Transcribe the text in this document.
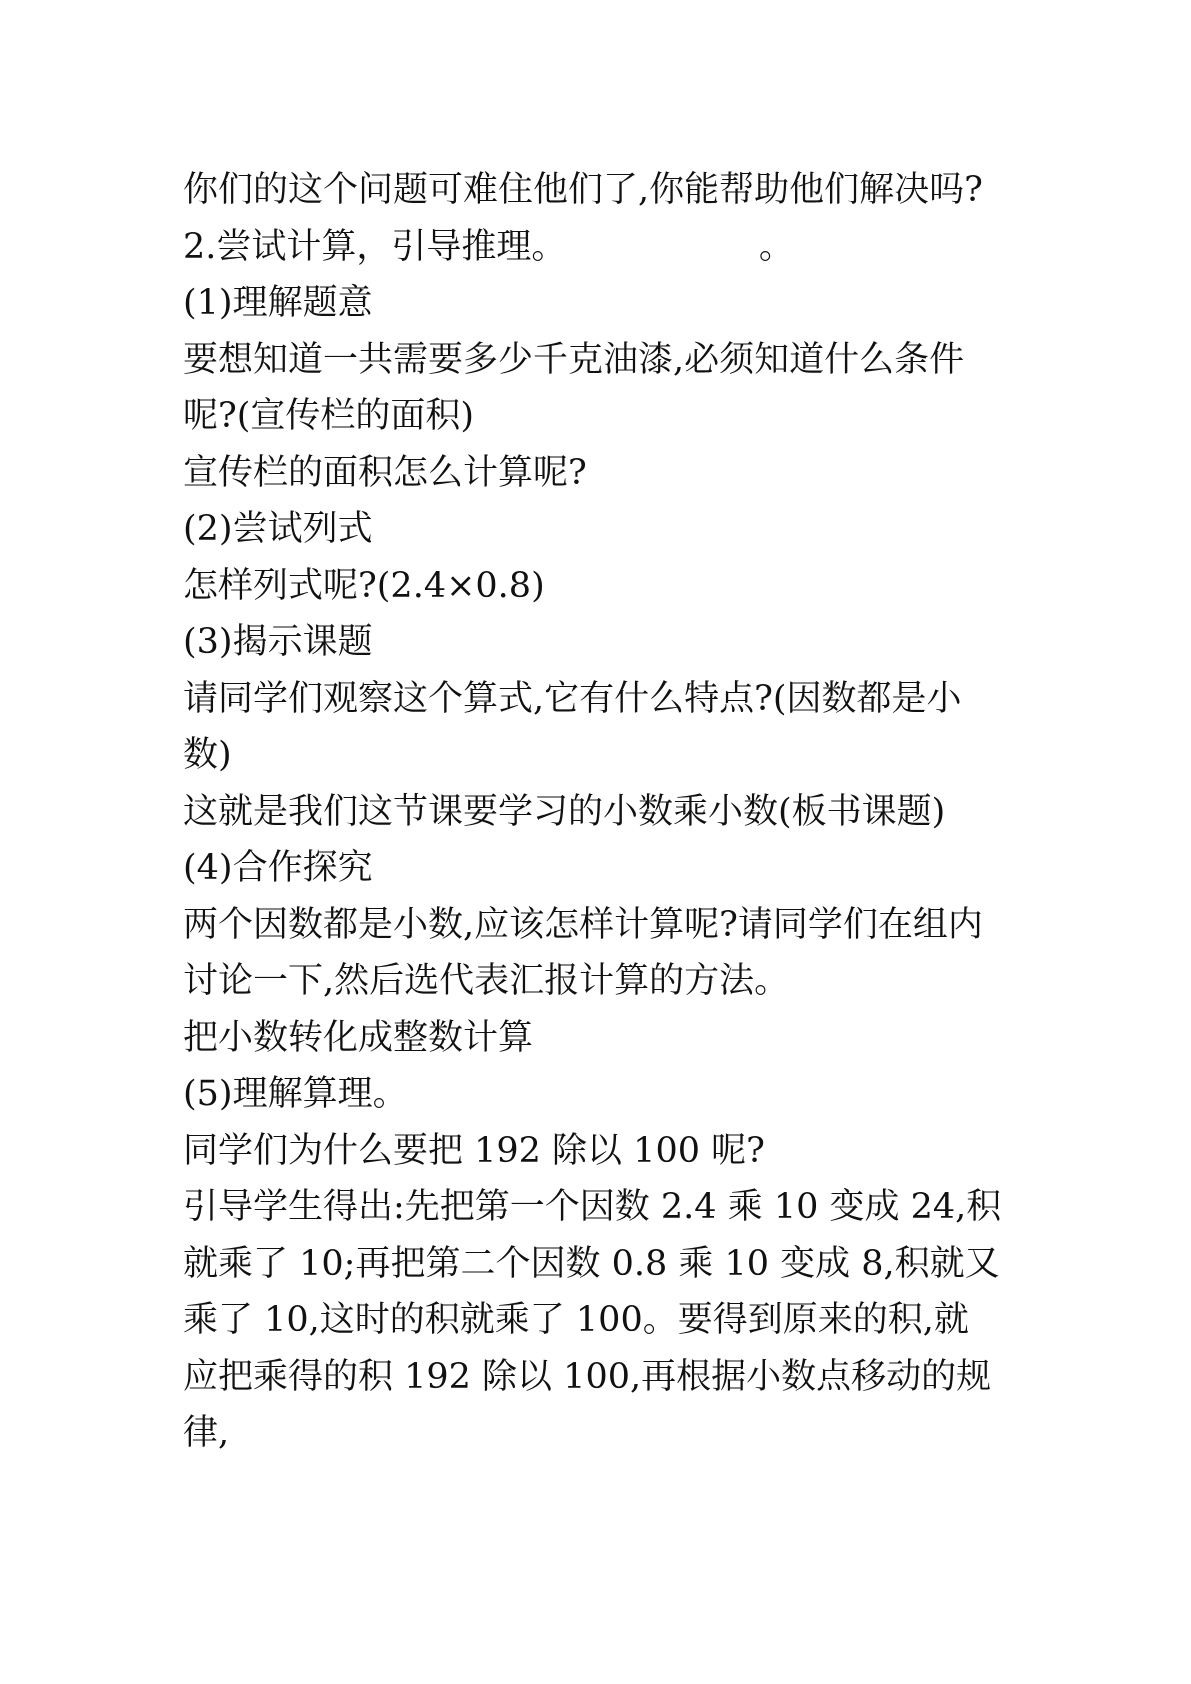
你们的这个问题可难住他们了,你能帮助他们解决吗?

2.尝试计算，引导推理。　　　　　　。

(1)理解题意

要想知道一共需要多少千克油漆,必须知道什么条件

呢?(宣传栏的面积)

宣传栏的面积怎么计算呢?

(2)尝试列式

怎样列式呢?(2.4×0.8)

(3)揭示课题

请同学们观察这个算式,它有什么特点?(因数都是小

数)

这就是我们这节课要学习的小数乘小数(板书课题)

(4)合作探究

两个因数都是小数,应该怎样计算呢?请同学们在组内

讨论一下,然后选代表汇报计算的方法。

把小数转化成整数计算

(5)理解算理。

同学们为什么要把 192 除以 100 呢?

引导学生得出:先把第一个因数 2.4 乘 10 变成 24,积

就乘了 10;再把第二个因数 0.8 乘 10 变成 8,积就又

乘了 10,这时的积就乘了 100。要得到原来的积,就

应把乘得的积 192 除以 100,再根据小数点移动的规

律,
